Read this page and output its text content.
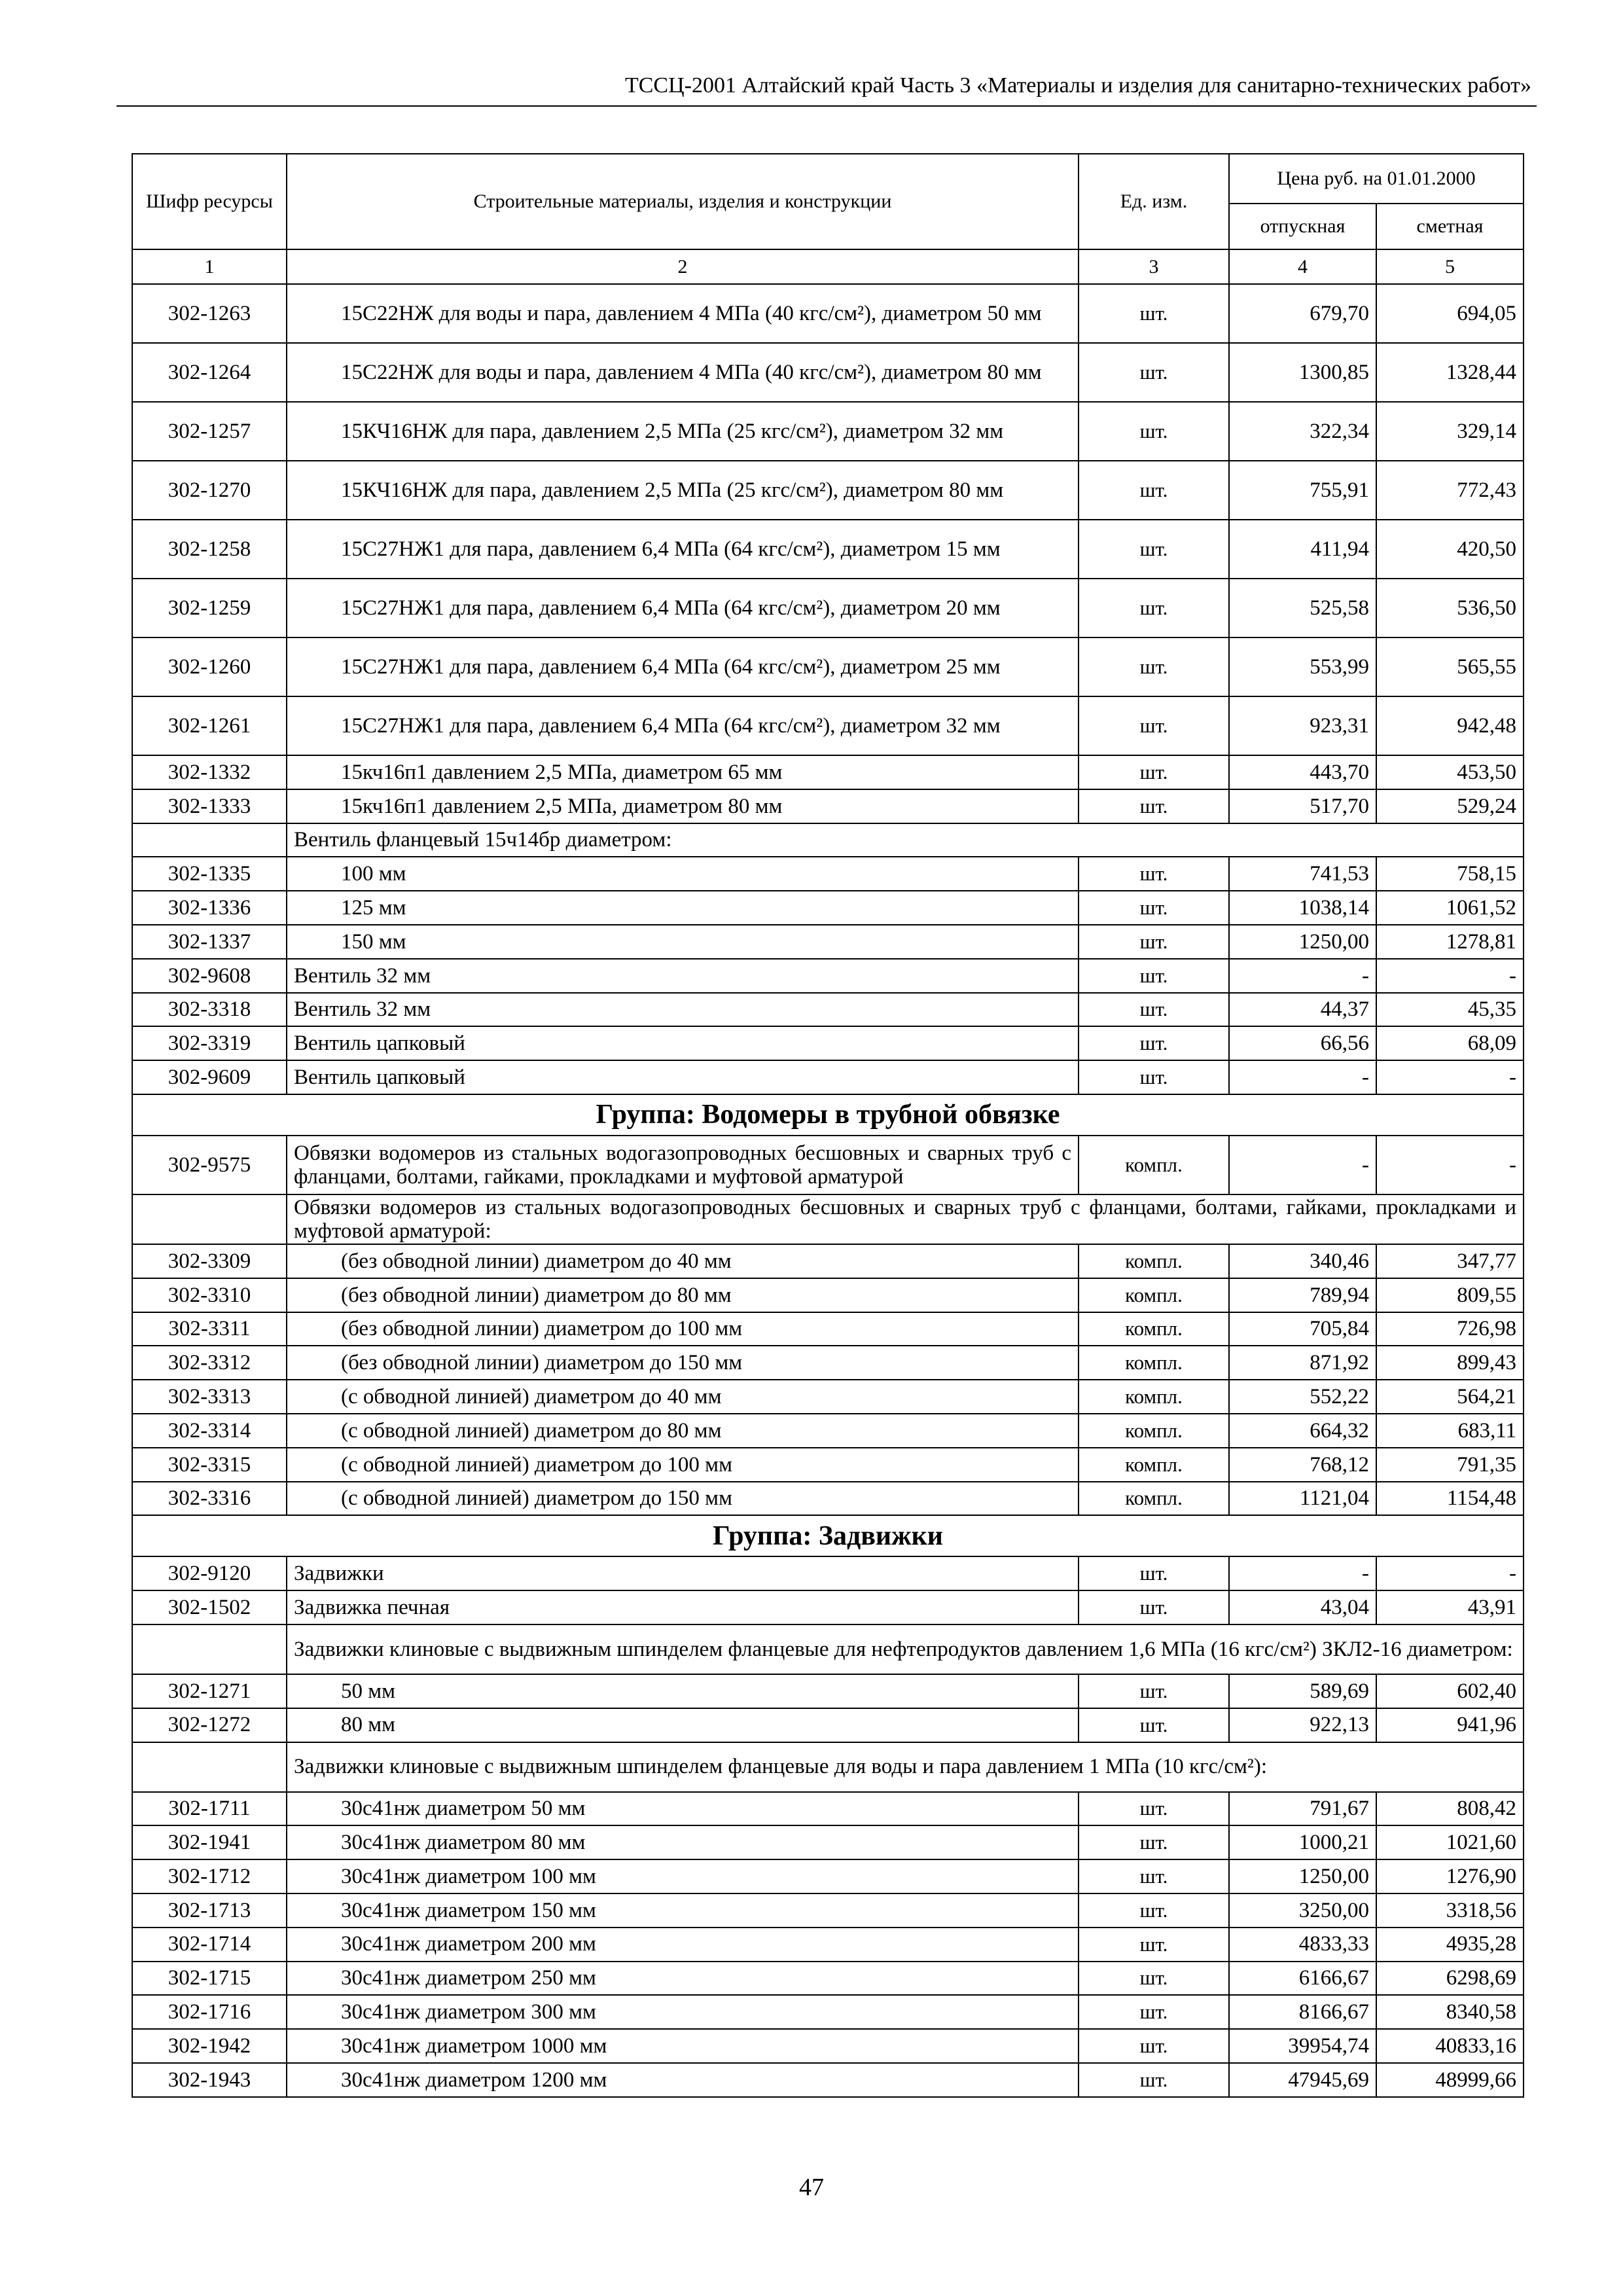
ТССЦ-2001 Алтайский край Часть 3 «Материалы и изделия для санитарно-технических работ»
Шифр ресурсы	Строительные материалы, изделия и конструкции	Ед. изм.	Цена руб. на 01.01.2000	
			отпускная	сметная
1	2	3	4	5
302-1263	15С22НЖ для воды и пара, давлением 4 МПа (40 кгс/см²), диаметром 50 мм	шт.	679,70	694,05
302-1264	15С22НЖ для воды и пара, давлением 4 МПа (40 кгс/см²), диаметром 80 мм	шт.	1300,85	1328,44
302-1257	15КЧ16НЖ для пара, давлением 2,5 МПа (25 кгс/см²), диаметром 32 мм	шт.	322,34	329,14
302-1270	15КЧ16НЖ для пара, давлением 2,5 МПа (25 кгс/см²), диаметром 80 мм	шт.	755,91	772,43
302-1258	15С27НЖ1 для пара, давлением 6,4 МПа (64 кгс/см²), диаметром 15 мм	шт.	411,94	420,50
302-1259	15С27НЖ1 для пара, давлением 6,4 МПа (64 кгс/см²), диаметром 20 мм	шт.	525,58	536,50
302-1260	15С27НЖ1 для пара, давлением 6,4 МПа (64 кгс/см²), диаметром 25 мм	шт.	553,99	565,55
302-1261	15С27НЖ1 для пара, давлением 6,4 МПа (64 кгс/см²), диаметром 32 мм	шт.	923,31	942,48
302-1332	15кч16п1 давлением 2,5 МПа, диаметром 65 мм	шт.	443,70	453,50
302-1333	15кч16п1 давлением 2,5 МПа, диаметром 80 мм	шт.	517,70	529,24
	Вентиль фланцевый 15ч14бр диаметром:			
302-1335	100 мм	шт.	741,53	758,15
302-1336	125 мм	шт.	1038,14	1061,52
302-1337	150 мм	шт.	1250,00	1278,81
302-9608	Вентиль 32 мм	шт.	-	-
302-3318	Вентиль 32 мм	шт.	44,37	45,35
302-3319	Вентиль цапковый	шт.	66,56	68,09
302-9609	Вентиль цапковый	шт.	-	-
Группа: Водомеры в трубной обвязке				
302-9575	Обвязки водомеров из стальных водогазопроводных бесшовных и сварных труб с фланцами, болтами, гайками, прокладками и муфтовой арматурой	компл.	-	-
	Обвязки водомеров из стальных водогазопроводных бесшовных и сварных труб с фланцами, болтами, гайками, прокладками и муфтовой арматурой:			
302-3309	(без обводной линии) диаметром до 40 мм	компл.	340,46	347,77
302-3310	(без обводной линии) диаметром до 80 мм	компл.	789,94	809,55
302-3311	(без обводной линии) диаметром до 100 мм	компл.	705,84	726,98
302-3312	(без обводной линии) диаметром до 150 мм	компл.	871,92	899,43
302-3313	(с обводной линией) диаметром до 40 мм	компл.	552,22	564,21
302-3314	(с обводной линией) диаметром до 80 мм	компл.	664,32	683,11
302-3315	(с обводной линией) диаметром до 100 мм	компл.	768,12	791,35
302-3316	(с обводной линией) диаметром до 150 мм	компл.	1121,04	1154,48
Группа: Задвижки				
302-9120	Задвижки	шт.	-	-
302-1502	Задвижка печная	шт.	43,04	43,91
	Задвижки клиновые с выдвижным шпинделем фланцевые для нефтепродуктов давлением 1,6 МПа (16 кгс/см²) ЗКЛ2-16 диаметром:			
302-1271	50 мм	шт.	589,69	602,40
302-1272	80 мм	шт.	922,13	941,96
	Задвижки клиновые с выдвижным шпинделем фланцевые для воды и пара давлением 1 МПа (10 кгс/см²):			
302-1711	30с41нж диаметром 50 мм	шт.	791,67	808,42
302-1941	30с41нж диаметром 80 мм	шт.	1000,21	1021,60
302-1712	30с41нж диаметром 100 мм	шт.	1250,00	1276,90
302-1713	30с41нж диаметром 150 мм	шт.	3250,00	3318,56
302-1714	30с41нж диаметром 200 мм	шт.	4833,33	4935,28
302-1715	30с41нж диаметром 250 мм	шт.	6166,67	6298,69
302-1716	30с41нж диаметром 300 мм	шт.	8166,67	8340,58
302-1942	30с41нж диаметром 1000 мм	шт.	39954,74	40833,16
302-1943	30с41нж диаметром 1200 мм	шт.	47945,69	48999,66
47
